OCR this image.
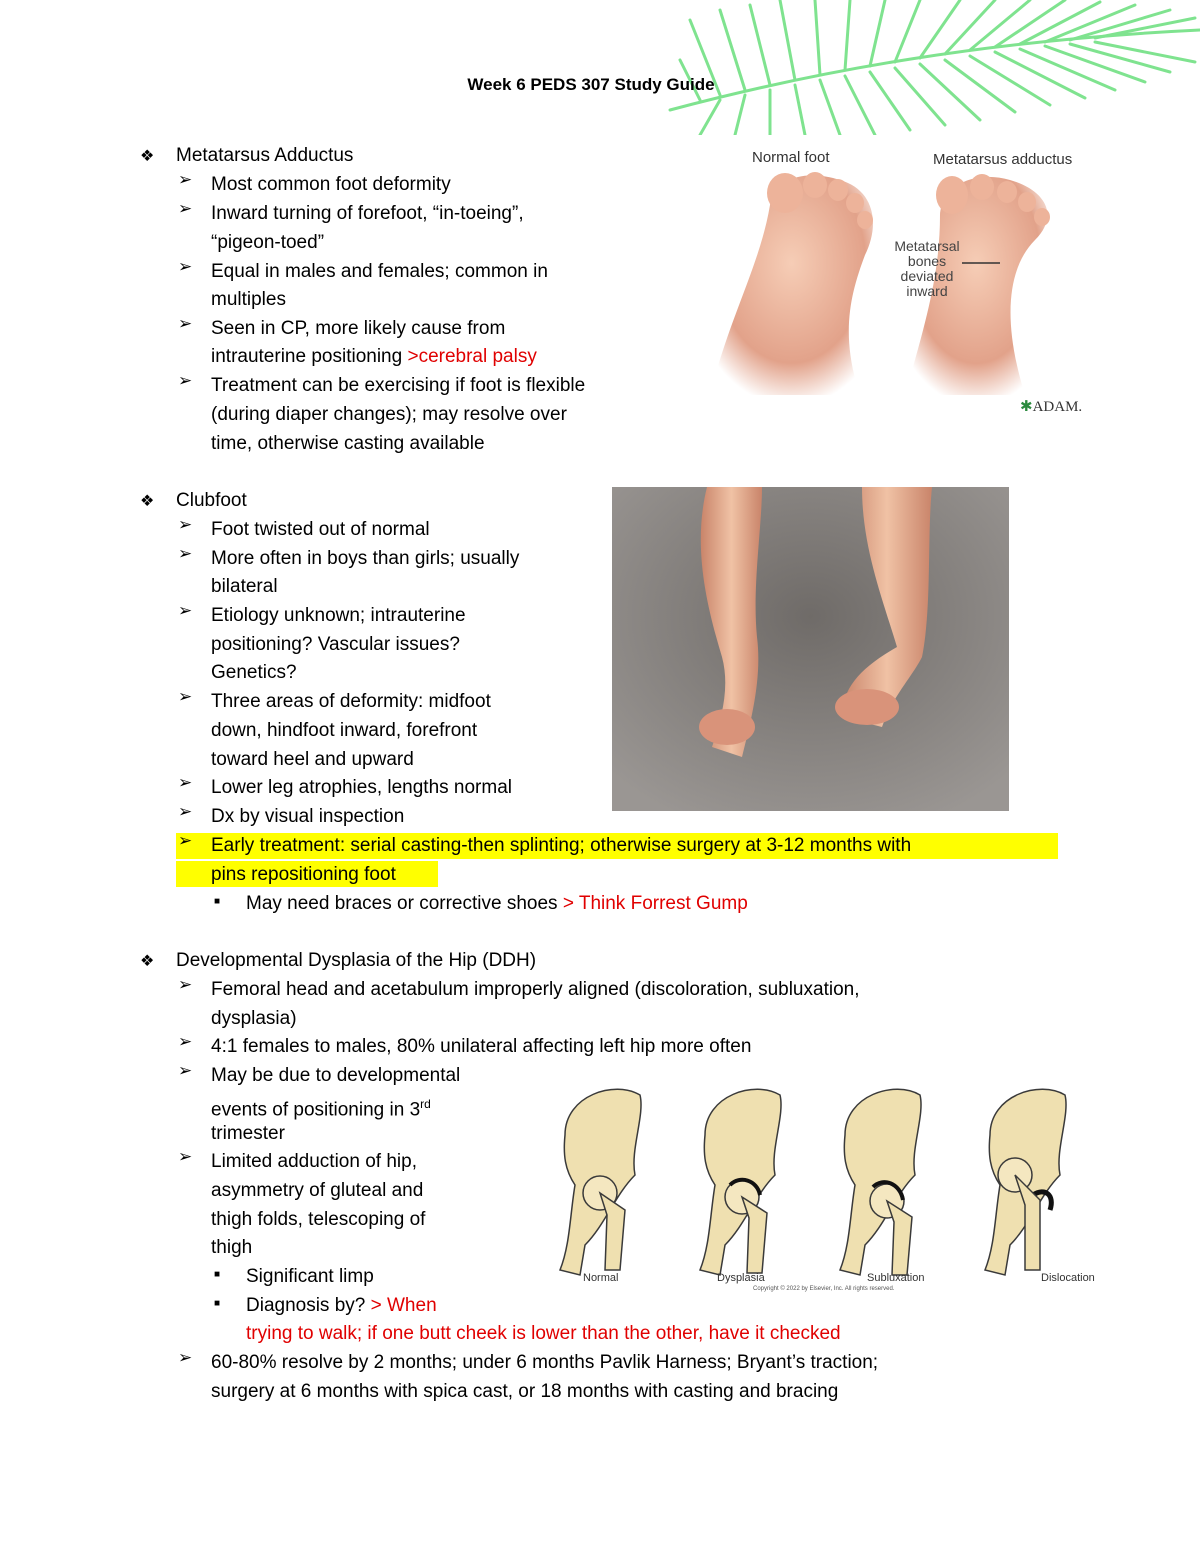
Week 6 PEDS 307 Study Guide
❖ Metatarsus Adductus
➢ Most common foot deformity
➢ Inward turning of forefoot, “in-toeing”,
“pigeon-toed”
➢ Equal in males and females; common in
multiples
➢ Seen in CP, more likely cause from
intrauterine positioning >cerebral palsy
➢ Treatment can be exercising if foot is flexible
(during diaper changes); may resolve over
time, otherwise casting available
Normal foot	Metatarsus adductus
Metatarsal
bones
deviated
inward
✱ADAM.
❖ Clubfoot
➢ Foot twisted out of normal
➢ More often in boys than girls; usually
bilateral
➢ Etiology unknown; intrauterine
positioning? Vascular issues?
Genetics?
➢ Three areas of deformity: midfoot
down, hindfoot inward, forefront
toward heel and upward
➢ Lower leg atrophies, lengths normal
➢ Dx by visual inspection
➢ Early treatment: serial casting-then splinting; otherwise surgery at 3-12 months with
pins repositioning foot
■ May need braces or corrective shoes > Think Forrest Gump
❖ Developmental Dysplasia of the Hip (DDH)
➢ Femoral head and acetabulum improperly aligned (discoloration, subluxation,
dysplasia)
➢ 4:1 females to males, 80% unilateral affecting left hip more often
➢ May be due to developmental
events of positioning in 3rd
trimester
➢ Limited adduction of hip,
asymmetry of gluteal and
thigh folds, telescoping of
thigh
■ Significant limp
■ Diagnosis by? > When
trying to walk; if one butt cheek is lower than the other, have it checked
➢ 60-80% resolve by 2 months; under 6 months Pavlik Harness; Bryant’s traction;
surgery at 6 months with spica cast, or 18 months with casting and bracing
Normal	Dysplasia	Subluxation	Dislocation
Copyright © 2022 by Elsevier, Inc. All rights reserved.
